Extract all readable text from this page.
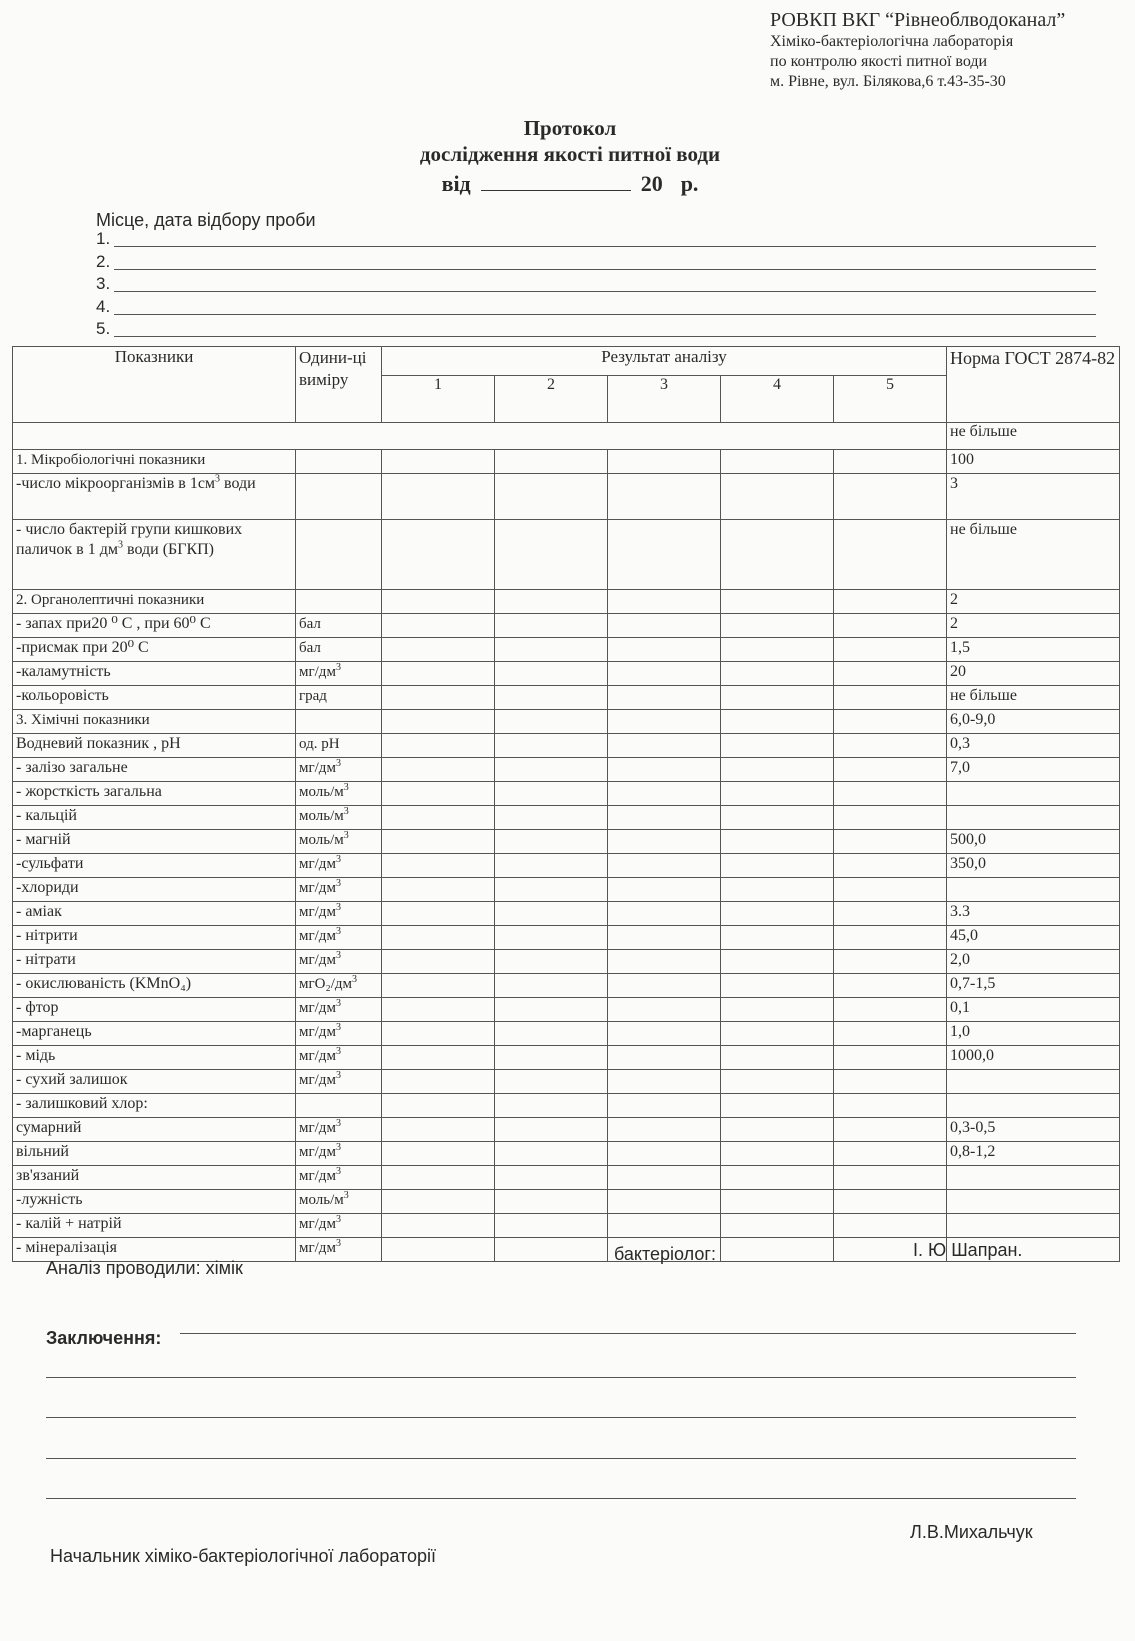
РОВКП ВКГ “Рівнеоблводоканал”
Хіміко-бактеріологічна лабораторія
по контролю якості питної води
м. Рівне, вул. Білякова,6 т.43-35-30
Протокол
дослідження якості питної води
від	20 р.
Місце, дата відбору проби
1.
2.
3.
4.
5.
Показники	Одини-ці виміру	Результат аналізу					Норма ГОСТ 2874-82
		1	2	3	4	5	
							не більше
1. Мікробіологічні показники							100
-число мікроорганізмів в $1см^3$ води							3
- число бактерій групи кишкових паличок в 1 $дм^3$ води (БГКП)							не більше
2. Органолептичні показники							2
- запах при20 ⁰ С , при 60⁰ С	бал						2
-присмак при 20⁰ С	бал						1,5
-каламутність	$мг/дм^3$						20
-кольоровість	град						не більше
3. Хімічні показники							6,0-9,0
Водневий показник , pH	од. pH						0,3
- залізо загальне	$мг/дм^3$						7,0
- жорсткість загальна	моль/$м^3$						
- кальцій	моль/$м^3$						
- магній	моль/$м^3$						500,0
-сульфати	$мг/дм^3$						350,0
-хлориди	$мг/дм^3$						
- аміак	$мг/дм^3$						3.3
- нітрити	$мг/дм^3$						45,0
- нітрати	$мг/дм^3$						2,0
- окислюваність (KMnO₄)	мгО₂/$дм^3$						0,7-1,5
- фтор	$мг/дм^3$						0,1
-марганець	$мг/дм^3$						1,0
- мідь	$мг/дм^3$						1000,0
- сухий залишок	$мг/дм^3$						
- залишковий хлор:							
сумарний	$мг/дм^3$						0,3-0,5
вільний	$мг/дм^3$						0,8-1,2
зв'язаний	$мг/дм^3$						
-лужність	моль/$м^3$						
- калій + натрій	$мг/дм^3$						
- мінералізація	$мг/дм^3$						
Аналіз проводили: хімік
бактеріолог:	І. Ю Шапран.
Заключення:
Начальник хіміко-бактеріологічної лабораторії
Л.В.Михальчук
